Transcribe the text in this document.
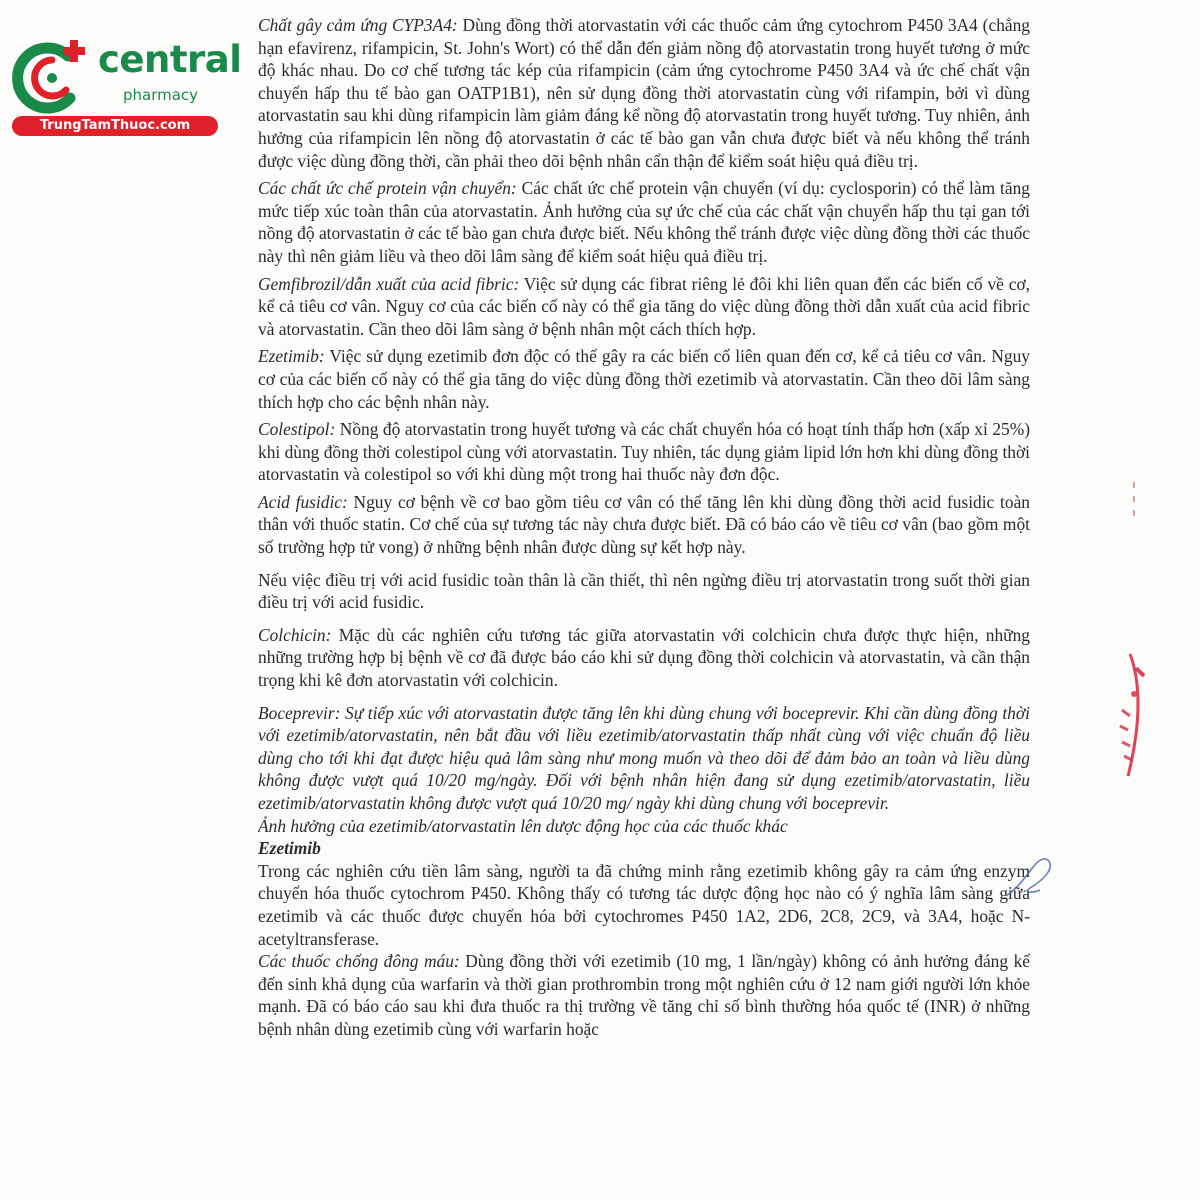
central
pharmacy
TrungTamThuoc.com

Chất gây cảm ứng CYP3A4: Dùng đồng thời atorvastatin với các thuốc cảm ứng cytochrom P450 3A4 (chẳng hạn efavirenz, rifampicin, St. John's Wort) có thể dẫn đến giảm nồng độ atorvastatin trong huyết tương ở mức độ khác nhau. Do cơ chế tương tác kép của rifampicin (cảm ứng cytochrome P450 3A4 và ức chế chất vận chuyển hấp thu tế bào gan OATP1B1), nên sử dụng đồng thời atorvastatin cùng với rifampin, bởi vì dùng atorvastatin sau khi dùng rifampicin làm giảm đáng kể nồng độ atorvastatin trong huyết tương. Tuy nhiên, ảnh hưởng của rifampicin lên nồng độ atorvastatin ở các tế bào gan vẫn chưa được biết và nếu không thể tránh được việc dùng đồng thời, cần phải theo dõi bệnh nhân cẩn thận để kiểm soát hiệu quả điều trị.

Các chất ức chế protein vận chuyển: Các chất ức chế protein vận chuyển (ví dụ: cyclosporin) có thể làm tăng mức tiếp xúc toàn thân của atorvastatin. Ảnh hưởng của sự ức chế của các chất vận chuyển hấp thu tại gan tới nồng độ atorvastatin ở các tế bào gan chưa được biết. Nếu không thể tránh được việc dùng đồng thời các thuốc này thì nên giảm liều và theo dõi lâm sàng để kiểm soát hiệu quả điều trị.

Gemfibrozil/dẫn xuất của acid fibric: Việc sử dụng các fibrat riêng lẻ đôi khi liên quan đến các biến cố về cơ, kể cả tiêu cơ vân. Nguy cơ của các biến cố này có thể gia tăng do việc dùng đồng thời dẫn xuất của acid fibric và atorvastatin. Cần theo dõi lâm sàng ở bệnh nhân một cách thích hợp.

Ezetimib: Việc sử dụng ezetimib đơn độc có thể gây ra các biến cố liên quan đến cơ, kể cả tiêu cơ vân. Nguy cơ của các biến cố này có thể gia tăng do việc dùng đồng thời ezetimib và atorvastatin. Cần theo dõi lâm sàng thích hợp cho các bệnh nhân này.

Colestipol: Nồng độ atorvastatin trong huyết tương và các chất chuyển hóa có hoạt tính thấp hơn (xấp xỉ 25%) khi dùng đồng thời colestipol cùng với atorvastatin. Tuy nhiên, tác dụng giảm lipid lớn hơn khi dùng đồng thời atorvastatin và colestipol so với khi dùng một trong hai thuốc này đơn độc.

Acid fusidic: Nguy cơ bệnh về cơ bao gồm tiêu cơ vân có thể tăng lên khi dùng đồng thời acid fusidic toàn thân với thuốc statin. Cơ chế của sự tương tác này chưa được biết. Đã có báo cáo về tiêu cơ vân (bao gồm một số trường hợp tử vong) ở những bệnh nhân được dùng sự kết hợp này.

Nếu việc điều trị với acid fusidic toàn thân là cần thiết, thì nên ngừng điều trị atorvastatin trong suốt thời gian điều trị với acid fusidic.

Colchicin: Mặc dù các nghiên cứu tương tác giữa atorvastatin với colchicin chưa được thực hiện, những những trường hợp bị bệnh về cơ đã được báo cáo khi sử dụng đồng thời colchicin và atorvastatin, và cần thận trọng khi kê đơn atorvastatin với colchicin.

Boceprevir: Sự tiếp xúc với atorvastatin được tăng lên khi dùng chung với boceprevir. Khi cần dùng đồng thời với ezetimib/atorvastatin, nên bắt đầu với liều ezetimib/atorvastatin thấp nhất cùng với việc chuẩn độ liều dùng cho tới khi đạt được hiệu quả lâm sàng như mong muốn và theo dõi để đảm bảo an toàn và liều dùng không được vượt quá 10/20 mg/ngày. Đối với bệnh nhân hiện đang sử dụng ezetimib/atorvastatin, liều ezetimib/atorvastatin không được vượt quá 10/20 mg/ ngày khi dùng chung với boceprevir.

Ảnh hưởng của ezetimib/atorvastatin lên dược động học của các thuốc khác

Ezetimib

Trong các nghiên cứu tiền lâm sàng, người ta đã chứng minh rằng ezetimib không gây ra cảm ứng enzym chuyển hóa thuốc cytochrom P450. Không thấy có tương tác dược động học nào có ý nghĩa lâm sàng giữa ezetimib và các thuốc được chuyển hóa bởi cytochromes P450 1A2, 2D6, 2C8, 2C9, và 3A4, hoặc N-acetyltransferase.

Các thuốc chống đông máu: Dùng đồng thời với ezetimib (10 mg, 1 lần/ngày) không có ảnh hưởng đáng kể đến sinh khả dụng của warfarin và thời gian prothrombin trong một nghiên cứu ở 12 nam giới người lớn khỏe mạnh. Đã có báo cáo sau khi đưa thuốc ra thị trường về tăng chỉ số bình thường hóa quốc tế (INR) ở những bệnh nhân dùng ezetimib cùng với warfarin hoặc
